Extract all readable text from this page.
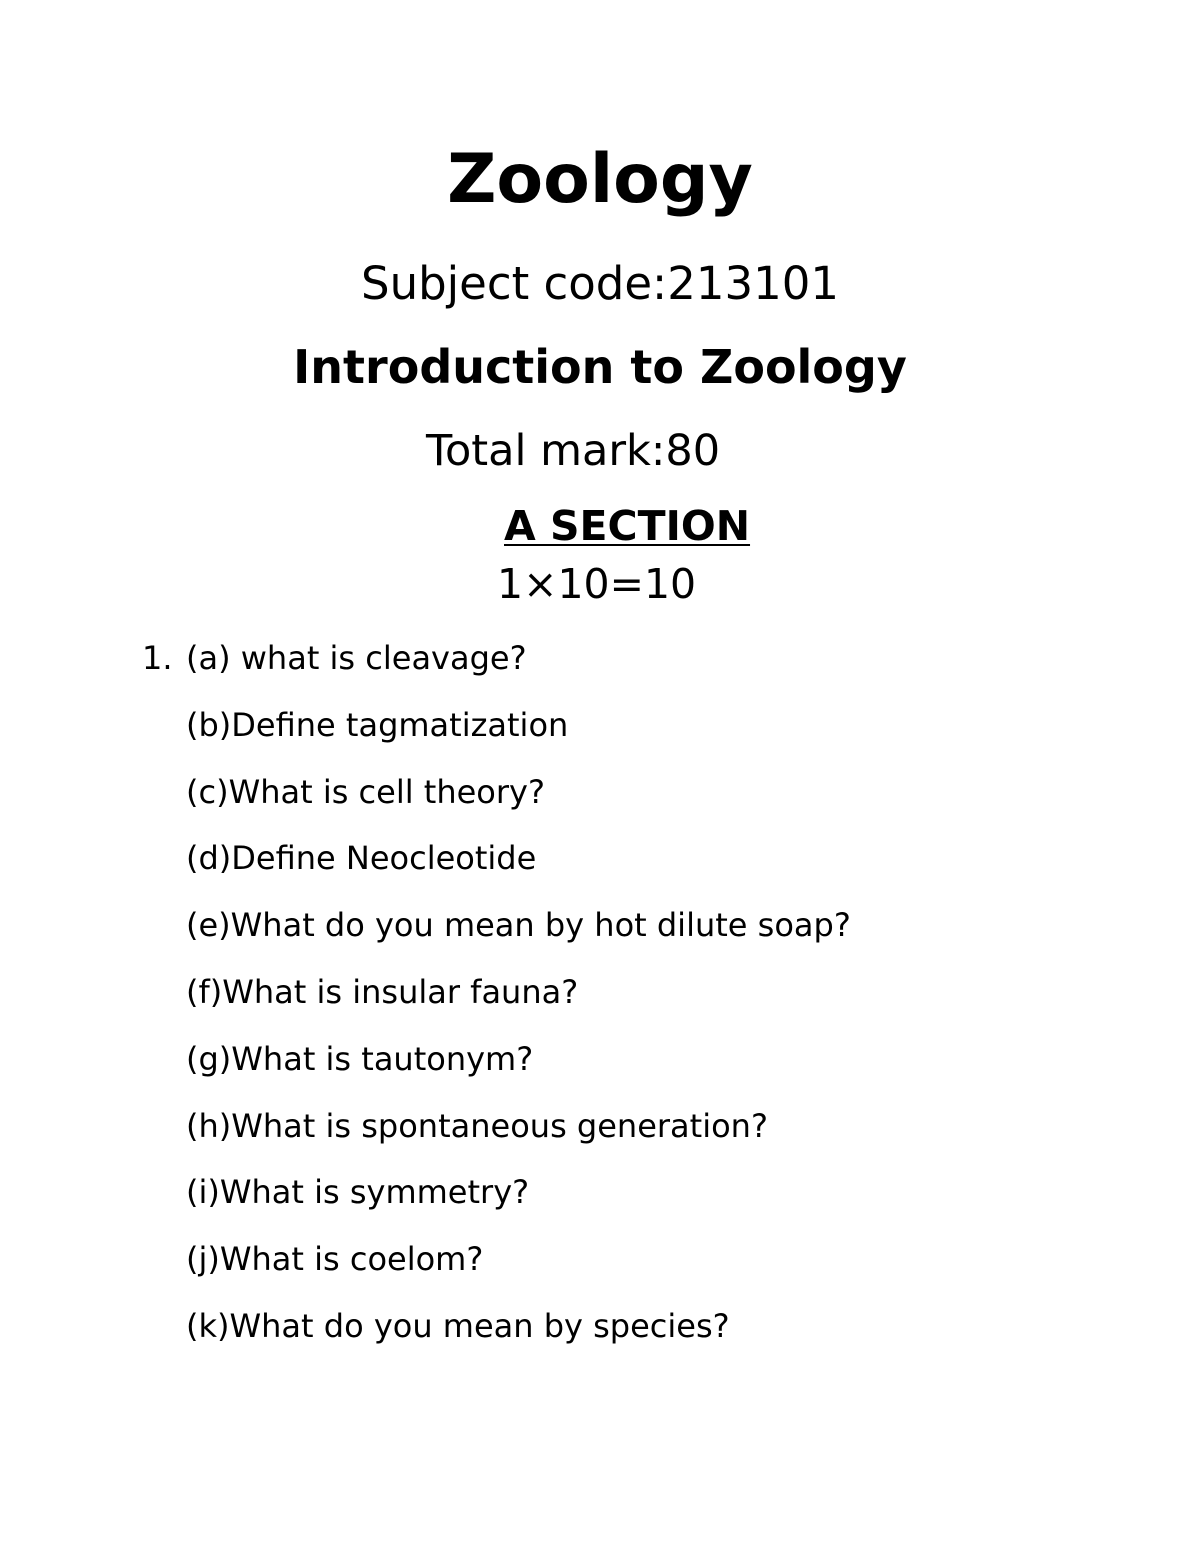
Zoology

Subject code:213101

Introduction to Zoology

Total mark:80

A SECTION

1×10=10

1. (a) what is cleavage?
(b)Define tagmatization
(c)What is cell theory?
(d)Define Neocleotide
(e)What do you mean by hot dilute soap?
(f)What is insular fauna?
(g)What is tautonym?
(h)What is spontaneous generation?
(i)What is symmetry?
(j)What is coelom?
(k)What do you mean by species?
